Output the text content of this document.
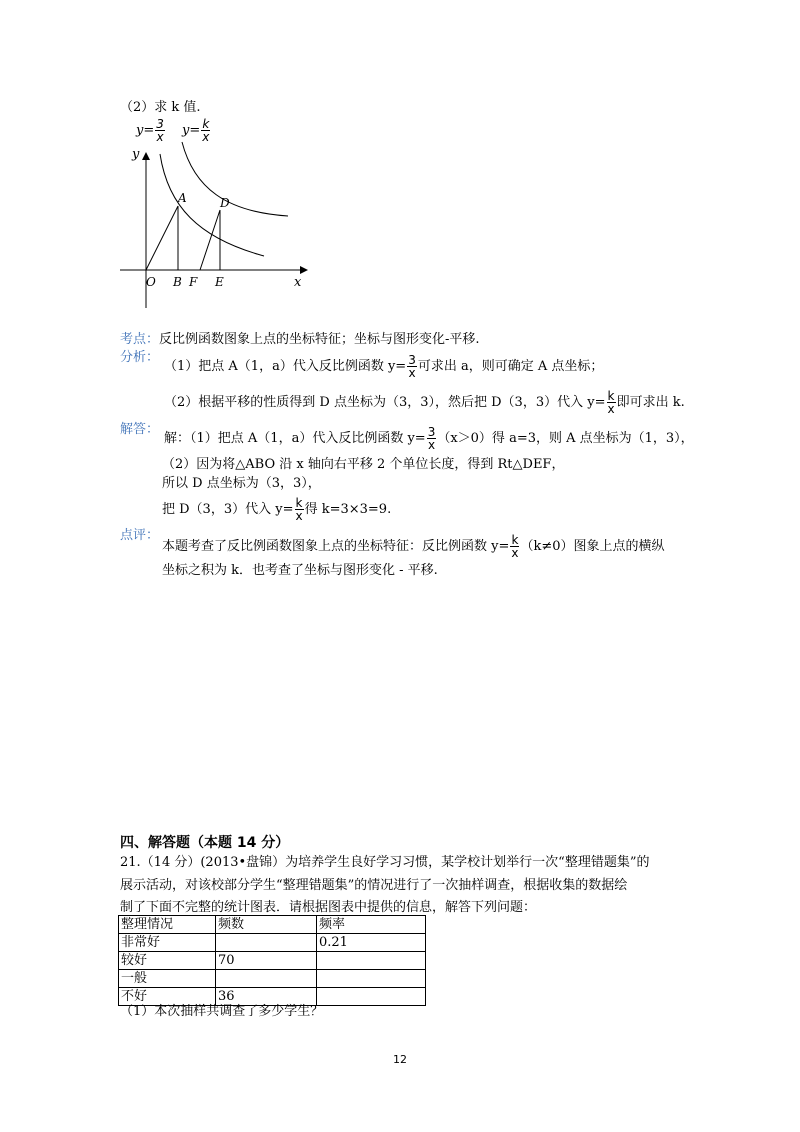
（2）求 k 值.
$y= \frac{3}{x} y= \frac{k}{x}$
y
x
A	D
O B F E
考点：反比例函数图象上点的坐标特征；坐标与图形变化-平移.
分析：
（1）把点 A（1，a）代入反比例函数 $y= \frac{3}{x}$ 可求出 a，则可确定 A 点坐标；
（2）根据平移的性质得到 D 点坐标为（3，3），然后把 D（3，3）代入 $y= \frac{k}{x}$ 即可求出 k.
解答：
解：（1）把点 A（1，a）代入反比例函数 $y= \frac{3}{x} (x>0)$得 a=3，则 A 点坐标为（1，3），
（2）因为将△ABO 沿 x 轴向右平移 2 个单位长度，得到 Rt△DEF，
所以 D 点坐标为（3，3），
把 D（3，3）代入 $y= \frac{k}{x}$ 得 k=3×3=9.
点评：
本题考查了反比例函数图象上点的坐标特征：反比例函数 $y= \frac{k}{x} (k\ne 0)$图象上点的横纵
坐标之积为 k．也考查了坐标与图形变化 - 平移.
四、解答题（本题 14 分）
21.（14 分）(2013•盘锦）为培养学生良好学习习惯，某学校计划举行一次“整理错题集”的
展示活动，对该校部分学生“整理错题集”的情况进行了一次抽样调查，根据收集的数据绘
制了下面不完整的统计图表．请根据图表中提供的信息，解答下列问题：
整理情况	频数	频率
非常好		0.21
较好	70	
一般		
不好	36	
（1）本次抽样共调查了多少学生？
12
